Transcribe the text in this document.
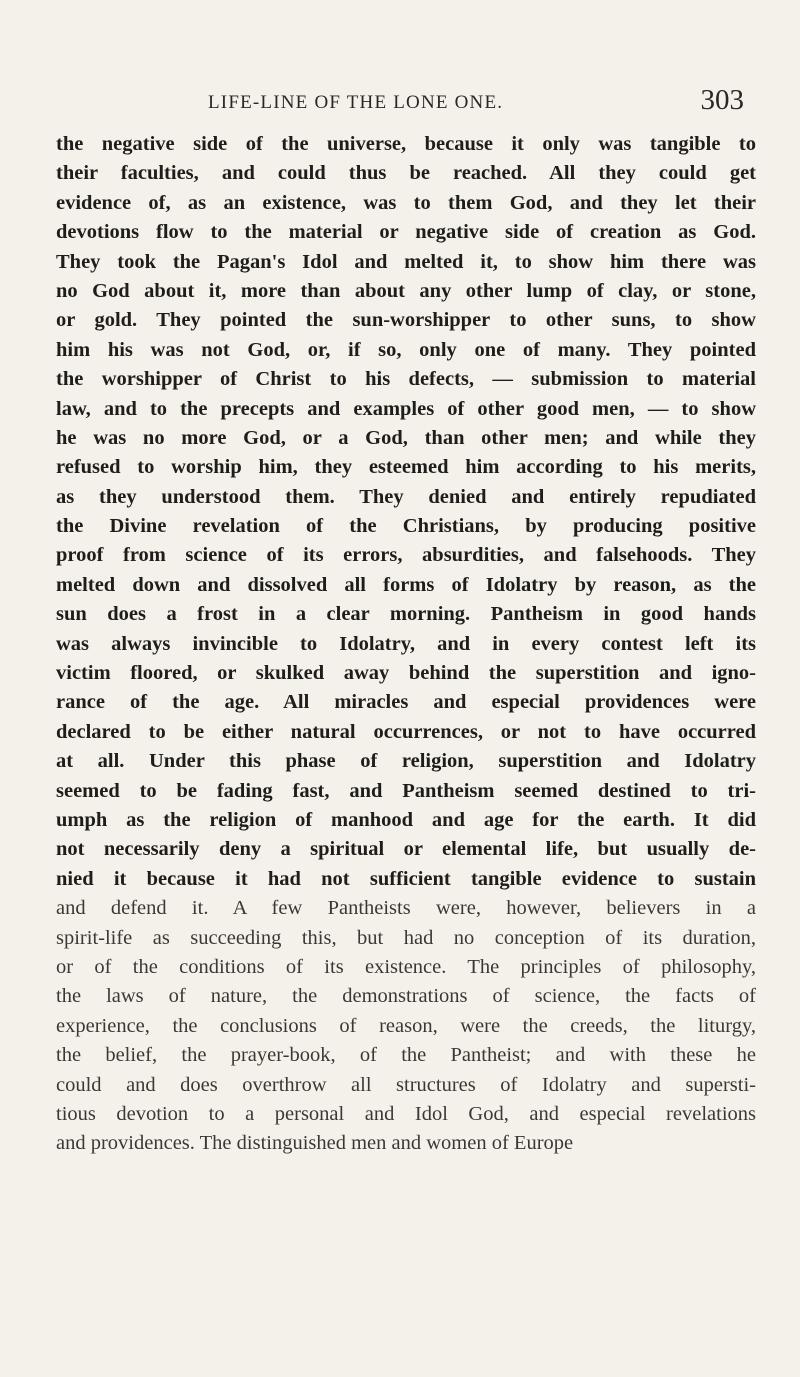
LIFE-LINE OF THE LONE ONE.	303
the negative side of the universe, because it only was tangible to
their faculties, and could thus be reached. All they could get
evidence of, as an existence, was to them God, and they let their
devotions flow to the material or negative side of creation as God.
They took the Pagan's Idol and melted it, to show him there was
no God about it, more than about any other lump of clay, or stone,
or gold. They pointed the sun-worshipper to other suns, to show
him his was not God, or, if so, only one of many. They pointed
the worshipper of Christ to his defects, — submission to material
law, and to the precepts and examples of other good men, — to show
he was no more God, or a God, than other men; and while they
refused to worship him, they esteemed him according to his merits,
as they understood them. They denied and entirely repudiated
the Divine revelation of the Christians, by producing positive
proof from science of its errors, absurdities, and falsehoods. They
melted down and dissolved all forms of Idolatry by reason, as the
sun does a frost in a clear morning. Pantheism in good hands
was always invincible to Idolatry, and in every contest left its
victim floored, or skulked away behind the superstition and igno-
rance of the age. All miracles and especial providences were
declared to be either natural occurrences, or not to have occurred
at all. Under this phase of religion, superstition and Idolatry
seemed to be fading fast, and Pantheism seemed destined to tri-
umph as the religion of manhood and age for the earth. It did
not necessarily deny a spiritual or elemental life, but usually de-
nied it because it had not sufficient tangible evidence to sustain
and defend it. A few Pantheists were, however, believers in a
spirit-life as succeeding this, but had no conception of its duration,
or of the conditions of its existence. The principles of philosophy,
the laws of nature, the demonstrations of science, the facts of
experience, the conclusions of reason, were the creeds, the liturgy,
the belief, the prayer-book, of the Pantheist; and with these he
could and does overthrow all structures of Idolatry and supersti-
tious devotion to a personal and Idol God, and especial revelations
and providences. The distinguished men and women of Europe
